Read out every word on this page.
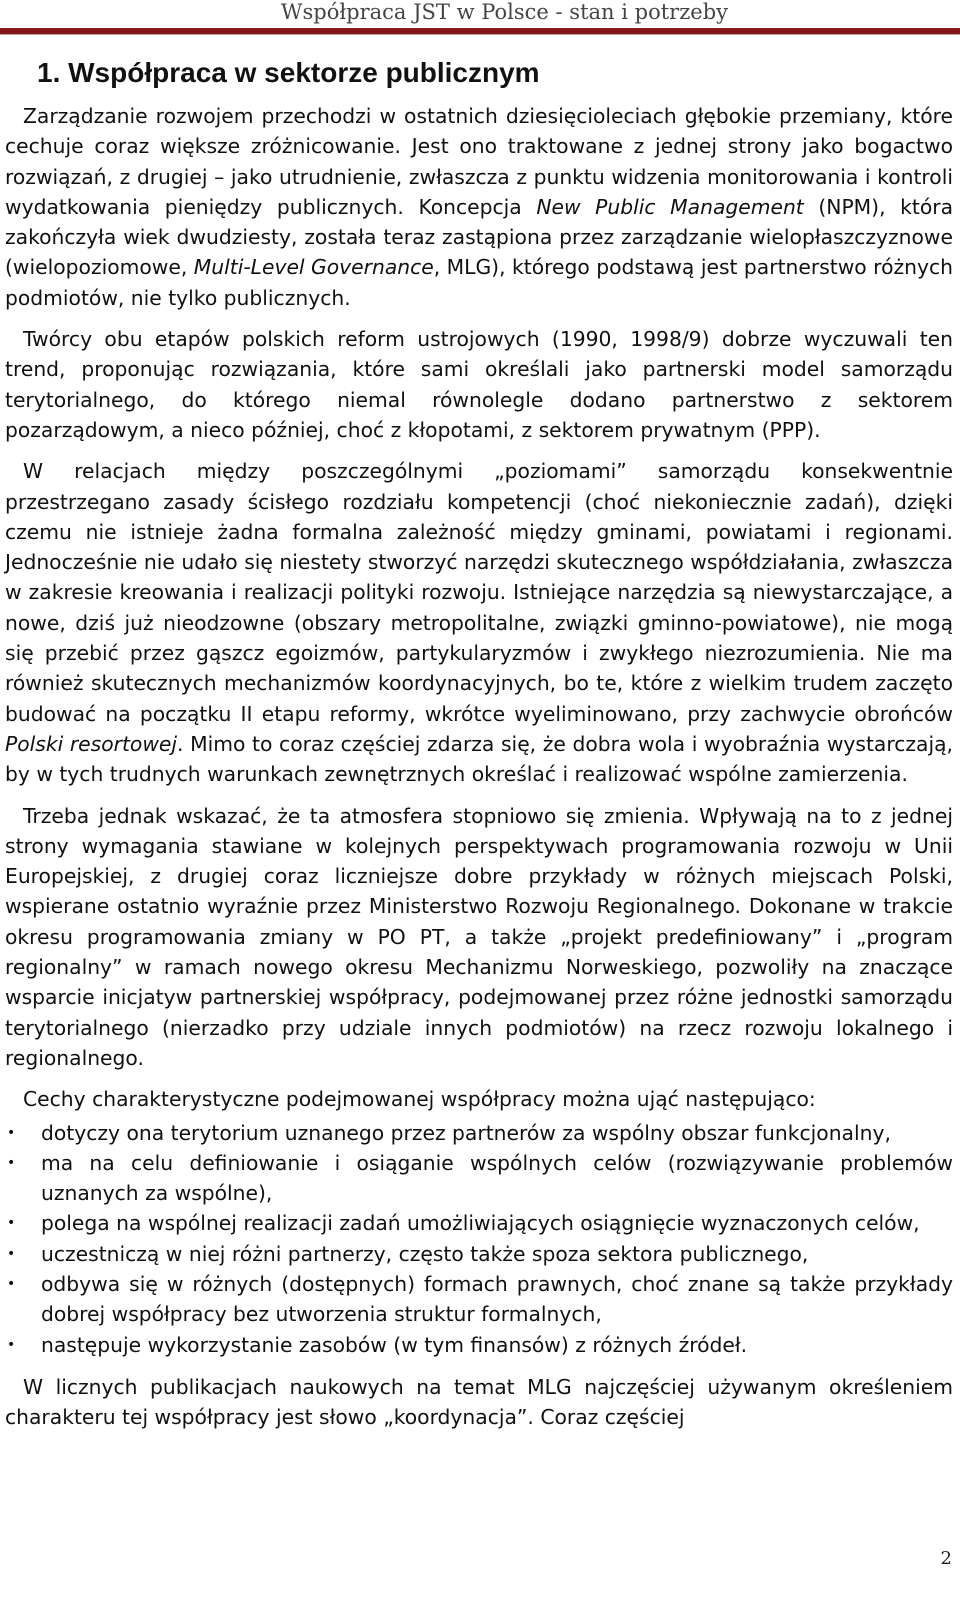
Współpraca JST w Polsce - stan i potrzeby
1. Współpraca w sektorze publicznym

Zarządzanie rozwojem przechodzi w ostatnich dziesięcioleciach głębokie przemiany, które cechuje coraz większe zróżnicowanie. Jest ono traktowane z jednej strony jako bogactwo rozwiązań, z drugiej – jako utrudnienie, zwłaszcza z punktu widzenia monitorowania i kontroli wydatkowania pieniędzy publicznych. Koncepcja New Public Management (NPM), która zakończyła wiek dwudziesty, została teraz zastąpiona przez zarządzanie wielopłaszczyznowe (wielopoziomowe, Multi-Level Governance, MLG), którego podstawą jest partnerstwo różnych podmiotów, nie tylko publicznych.

Twórcy obu etapów polskich reform ustrojowych (1990, 1998/9) dobrze wyczuwali ten trend, proponując rozwiązania, które sami określali jako partnerski model samorządu terytorialnego, do którego niemal równolegle dodano partnerstwo z sektorem pozarządowym, a nieco później, choć z kłopotami, z sektorem prywatnym (PPP).

W relacjach między poszczególnymi „poziomami” samorządu konsekwentnie przestrzegano zasady ścisłego rozdziału kompetencji (choć niekoniecznie zadań), dzięki czemu nie istnieje żadna formalna zależność między gminami, powiatami i regionami. Jednocześnie nie udało się niestety stworzyć narzędzi skutecznego współdziałania, zwłaszcza w zakresie kreowania i realizacji polityki rozwoju. Istniejące narzędzia są niewystarczające, a nowe, dziś już nieodzowne (obszary metropolitalne, związki gminno-powiatowe), nie mogą się przebić przez gąszcz egoizmów, partykularyzmów i zwykłego niezrozumienia. Nie ma również skutecznych mechanizmów koordynacyjnych, bo te, które z wielkim trudem zaczęto budować na początku II etapu reformy, wkrótce wyeliminowano, przy zachwycie obrońców Polski resortowej. Mimo to coraz częściej zdarza się, że dobra wola i wyobraźnia wystarczają, by w tych trudnych warunkach zewnętrznych określać i realizować wspólne zamierzenia.

Trzeba jednak wskazać, że ta atmosfera stopniowo się zmienia. Wpływają na to z jednej strony wymagania stawiane w kolejnych perspektywach programowania rozwoju w Unii Europejskiej, z drugiej coraz liczniejsze dobre przykłady w różnych miejscach Polski, wspierane ostatnio wyraźnie przez Ministerstwo Rozwoju Regionalnego. Dokonane w trakcie okresu programowania zmiany w PO PT, a także „projekt predefiniowany” i „program regionalny” w ramach nowego okresu Mechanizmu Norweskiego, pozwoliły na znaczące wsparcie inicjatyw partnerskiej współpracy, podejmowanej przez różne jednostki samorządu terytorialnego (nierzadko przy udziale innych podmiotów) na rzecz rozwoju lokalnego i regionalnego.

Cechy charakterystyczne podejmowanej współpracy można ująć następująco:

• dotyczy ona terytorium uznanego przez partnerów za wspólny obszar funkcjonalny,
• ma na celu definiowanie i osiąganie wspólnych celów (rozwiązywanie problemów uznanych za wspólne),
• polega na wspólnej realizacji zadań umożliwiających osiągnięcie wyznaczonych celów,
• uczestniczą w niej różni partnerzy, często także spoza sektora publicznego,
• odbywa się w różnych (dostępnych) formach prawnych, choć znane są także przykłady dobrej współpracy bez utworzenia struktur formalnych,
• następuje wykorzystanie zasobów (w tym finansów) z różnych źródeł.

W licznych publikacjach naukowych na temat MLG najczęściej używanym określeniem charakteru tej współpracy jest słowo „koordynacja”. Coraz częściej

2
